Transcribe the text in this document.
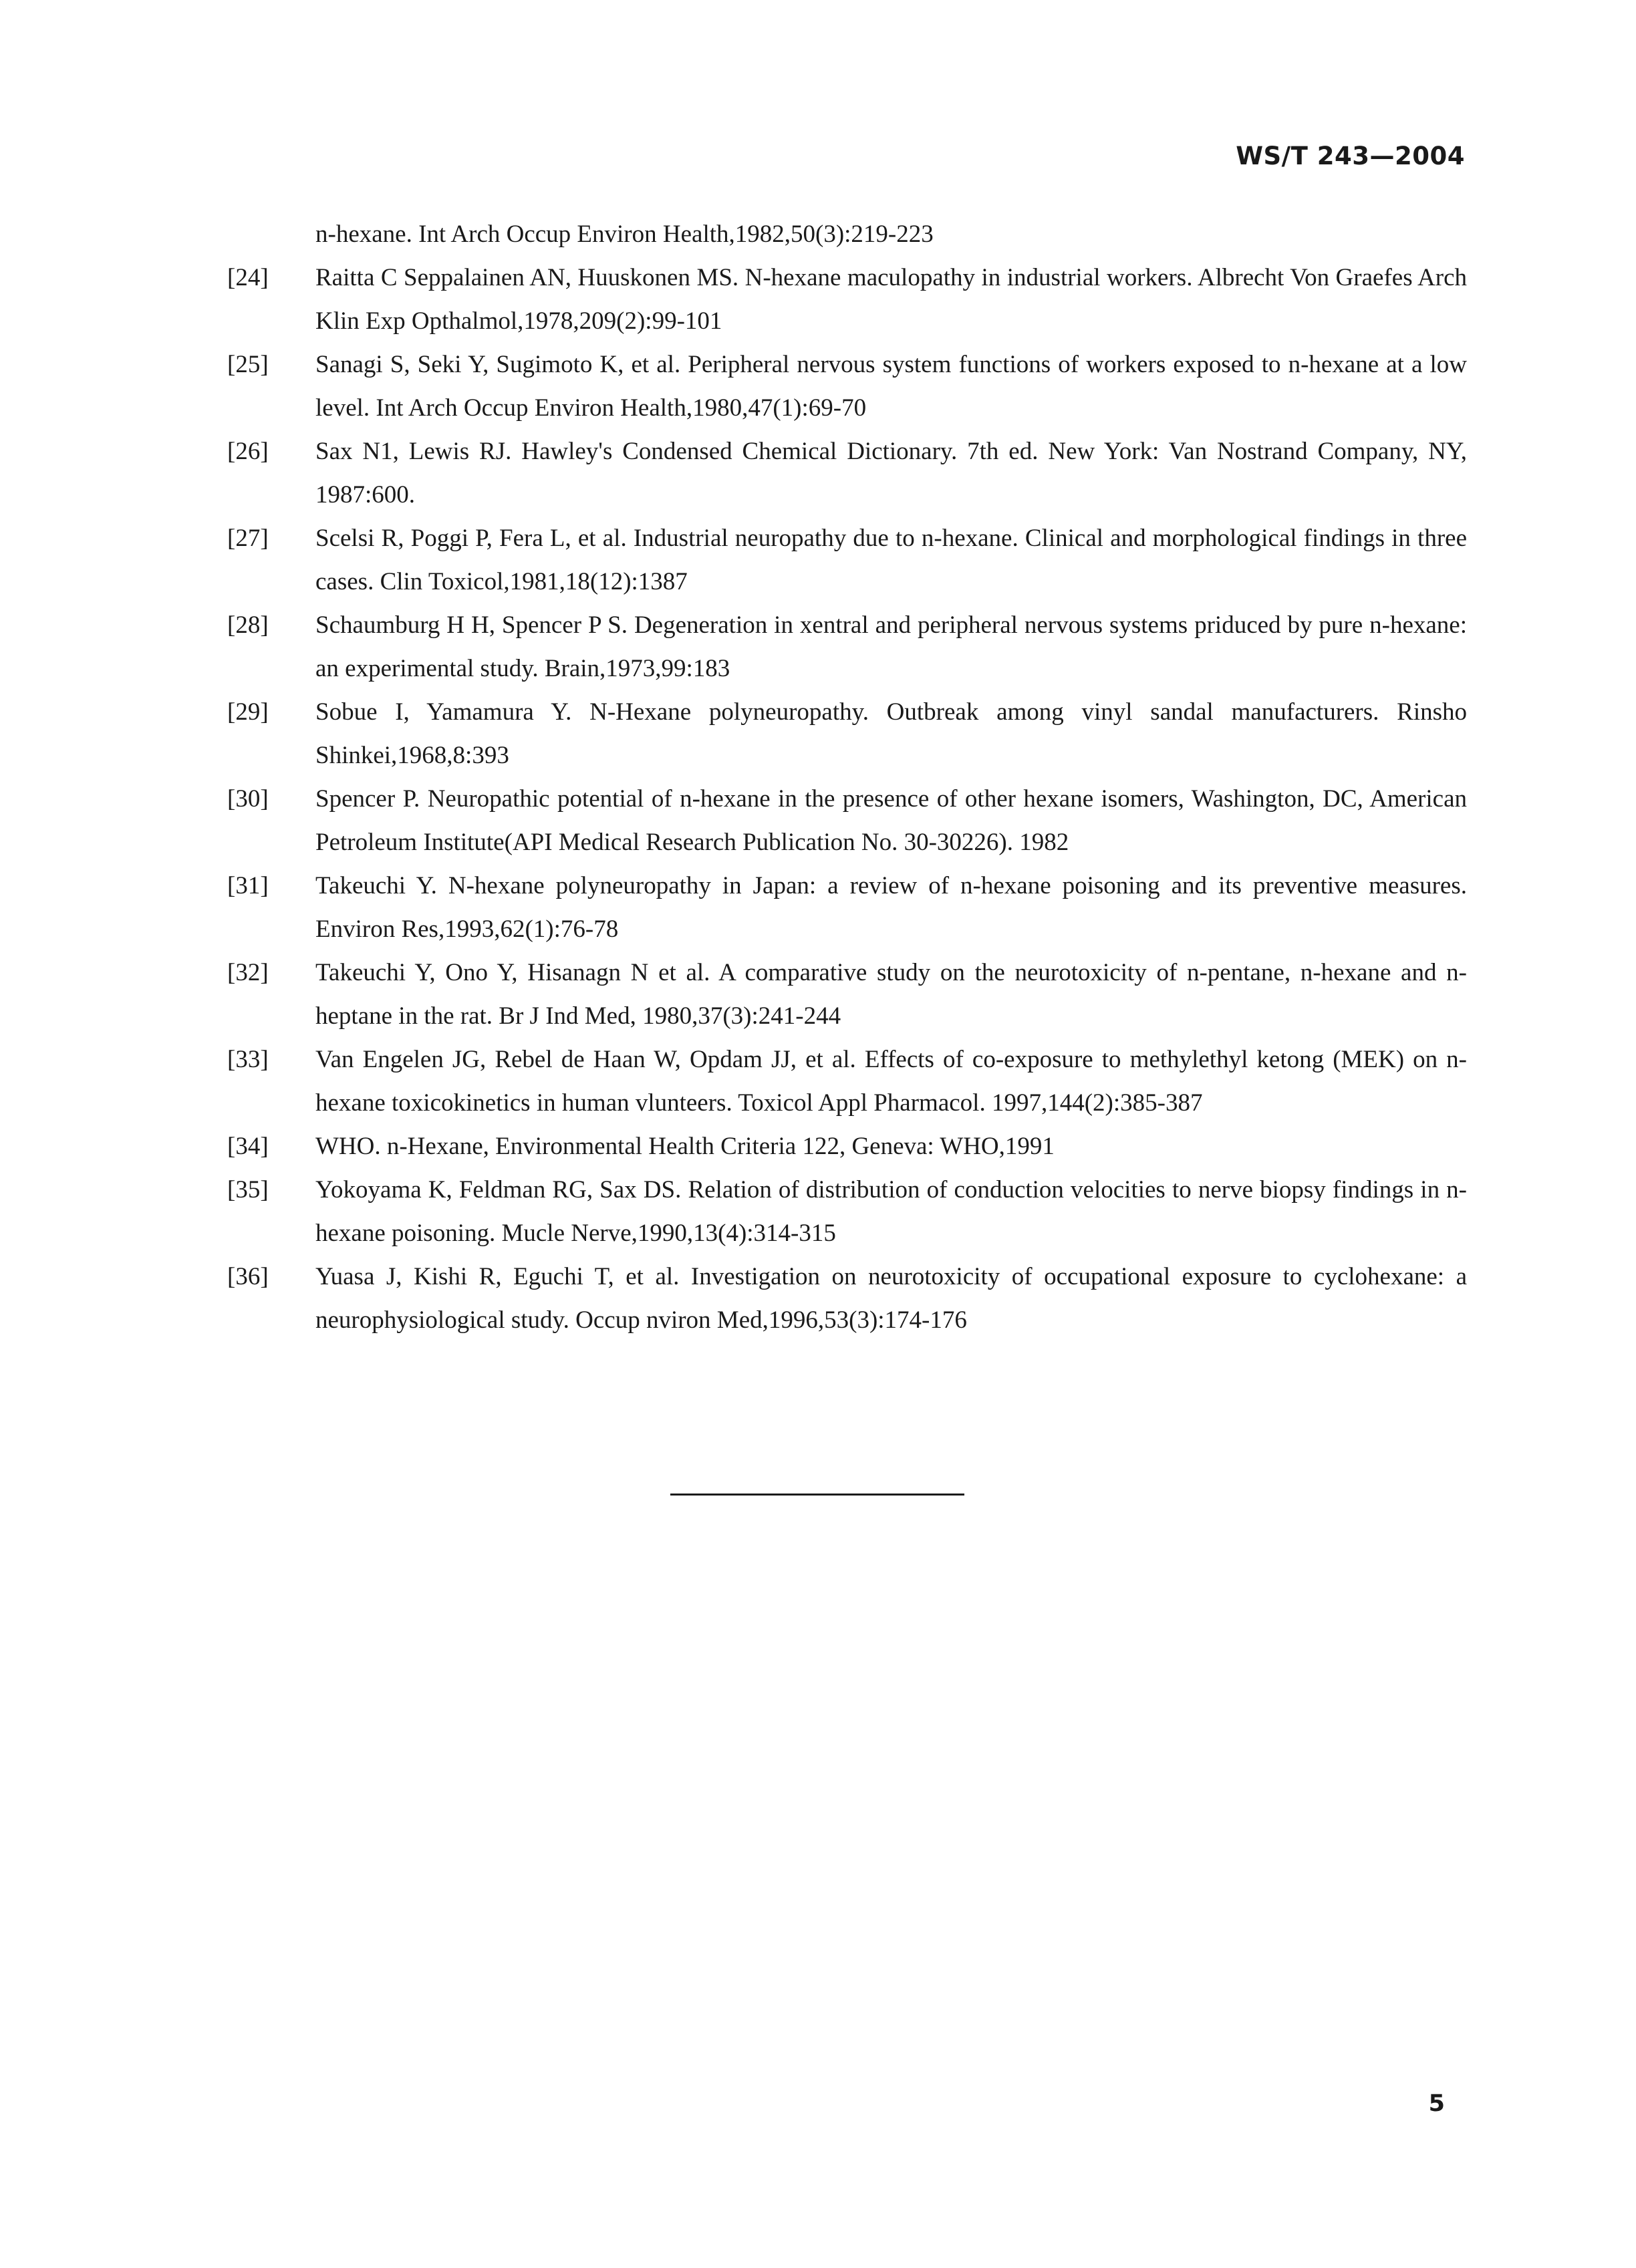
WS/T 243—2004
n-hexane. Int Arch Occup Environ Health,1982,50(3):219-223
[24]	Raitta C Seppalainen AN, Huuskonen MS. N-hexane maculopathy in industrial workers. Albrecht Von Graefes Arch Klin Exp Opthalmol,1978,209(2):99-101
[25]	Sanagi S, Seki Y, Sugimoto K, et al. Peripheral nervous system functions of workers exposed to n-hexane at a low level. Int Arch Occup Environ Health,1980,47(1):69-70
[26]	Sax N1, Lewis RJ. Hawley's Condensed Chemical Dictionary. 7th ed. New York: Van Nostrand Company, NY, 1987:600.
[27]	Scelsi R, Poggi P, Fera L, et al. Industrial neuropathy due to n-hexane. Clinical and morphological findings in three cases. Clin Toxicol,1981,18(12):1387
[28]	Schaumburg H H, Spencer P S. Degeneration in xentral and peripheral nervous systems priduced by pure n-hexane: an experimental study. Brain,1973,99:183
[29]	Sobue I, Yamamura Y. N-Hexane polyneuropathy. Outbreak among vinyl sandal manufacturers. Rinsho Shinkei,1968,8:393
[30]	Spencer P. Neuropathic potential of n-hexane in the presence of other hexane isomers, Washington, DC, American Petroleum Institute(API Medical Research Publication No. 30-30226). 1982
[31]	Takeuchi Y. N-hexane polyneuropathy in Japan: a review of n-hexane poisoning and its preventive measures. Environ Res,1993,62(1):76-78
[32]	Takeuchi Y, Ono Y, Hisanagn N et al. A comparative study on the neurotoxicity of n-pentane, n-hexane and n-heptane in the rat. Br J Ind Med, 1980,37(3):241-244
[33]	Van Engelen JG, Rebel de Haan W, Opdam JJ, et al. Effects of co-exposure to methylethyl ketong (MEK) on n-hexane toxicokinetics in human vlunteers. Toxicol Appl Pharmacol. 1997,144(2):385-387
[34]	WHO. n-Hexane, Environmental Health Criteria 122, Geneva: WHO,1991
[35]	Yokoyama K, Feldman RG, Sax DS. Relation of distribution of conduction velocities to nerve biopsy findings in n-hexane poisoning. Mucle Nerve,1990,13(4):314-315
[36]	Yuasa J, Kishi R, Eguchi T, et al. Investigation on neurotoxicity of occupational exposure to cyclohexane: a neurophysiological study. Occup nviron Med,1996,53(3):174-176
5
